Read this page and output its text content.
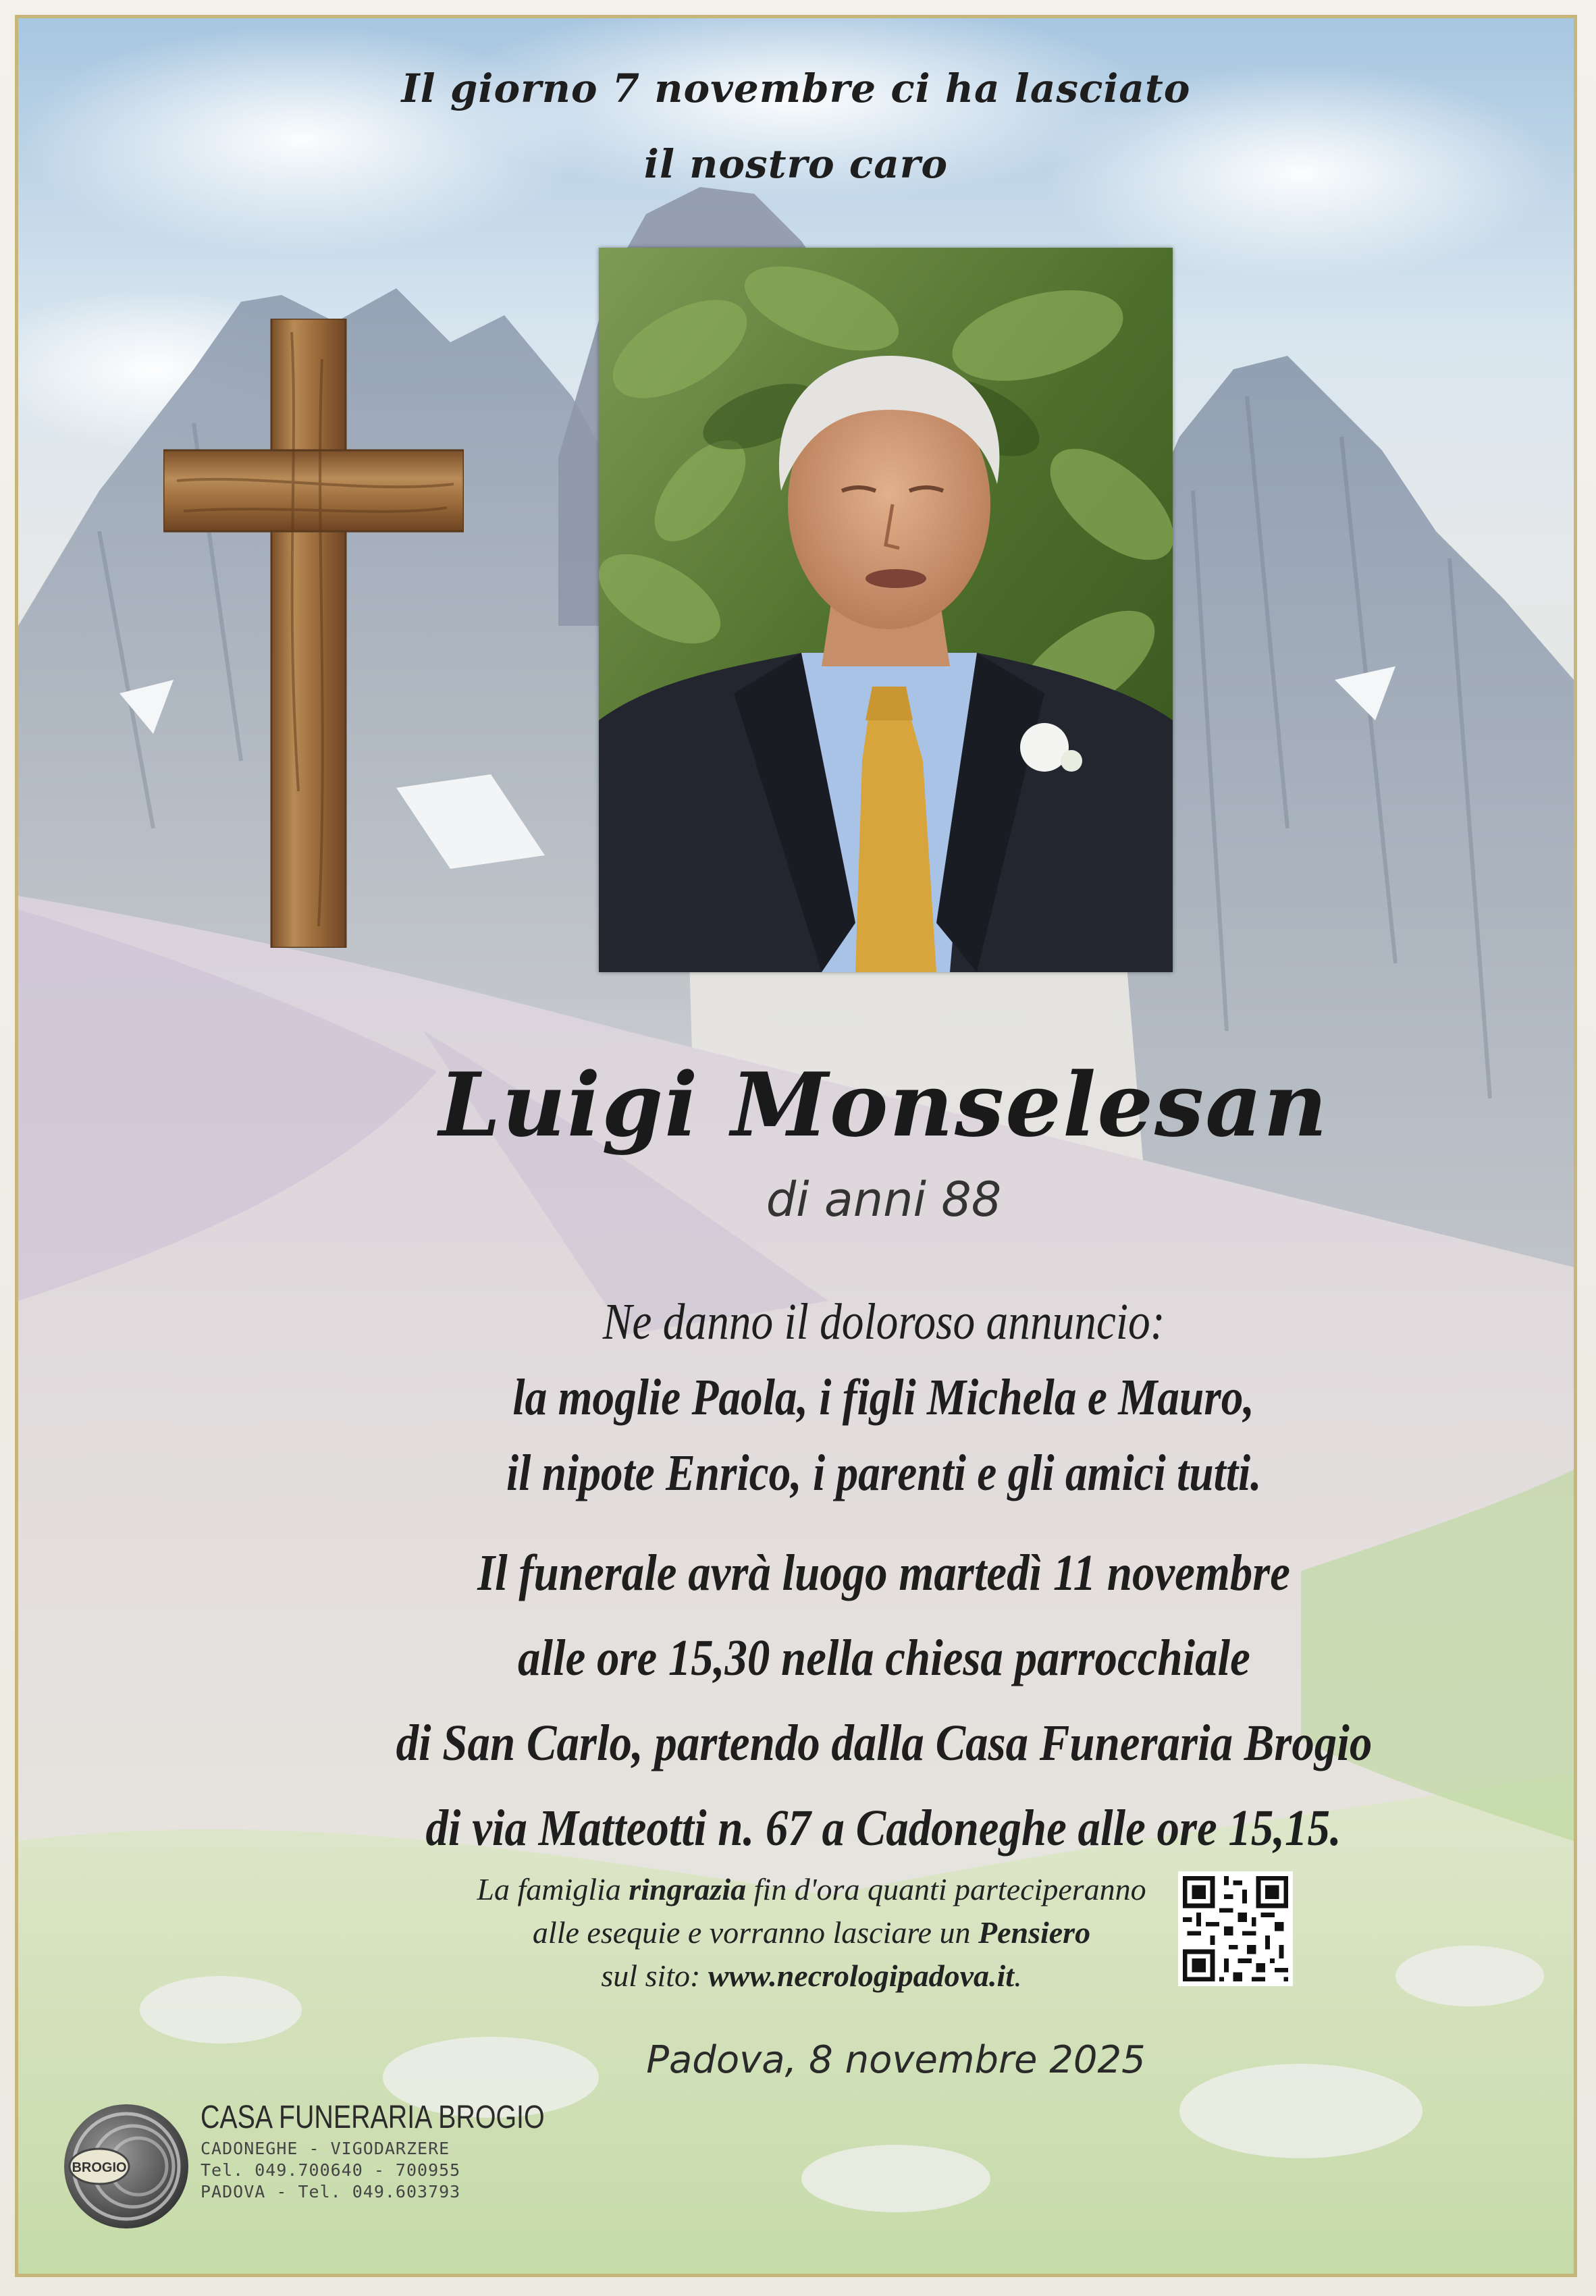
Il giorno 7 novembre ci ha lasciato
il nostro caro
Luigi Monselesan
di anni 88
Ne danno il doloroso annuncio:
la moglie Paola, i figli Michela e Mauro,
il nipote Enrico, i parenti e gli amici tutti.
Il funerale avrà luogo martedì 11 novembre
alle ore 15,30 nella chiesa parrocchiale
di San Carlo, partendo dalla Casa Funeraria Brogio
di via Matteotti n. 67 a Cadoneghe alle ore 15,15.
La famiglia ringrazia fin d'ora quanti parteciperanno
alle esequie e vorranno lasciare un Pensiero
sul sito: www.necrologipadova.it.
Padova, 8 novembre 2025
BROGIO
CASA FUNERARIA BROGIO
CADONEGHE - VIGODARZERE
Tel. 049.700640 - 700955
PADOVA - Tel. 049.603793
